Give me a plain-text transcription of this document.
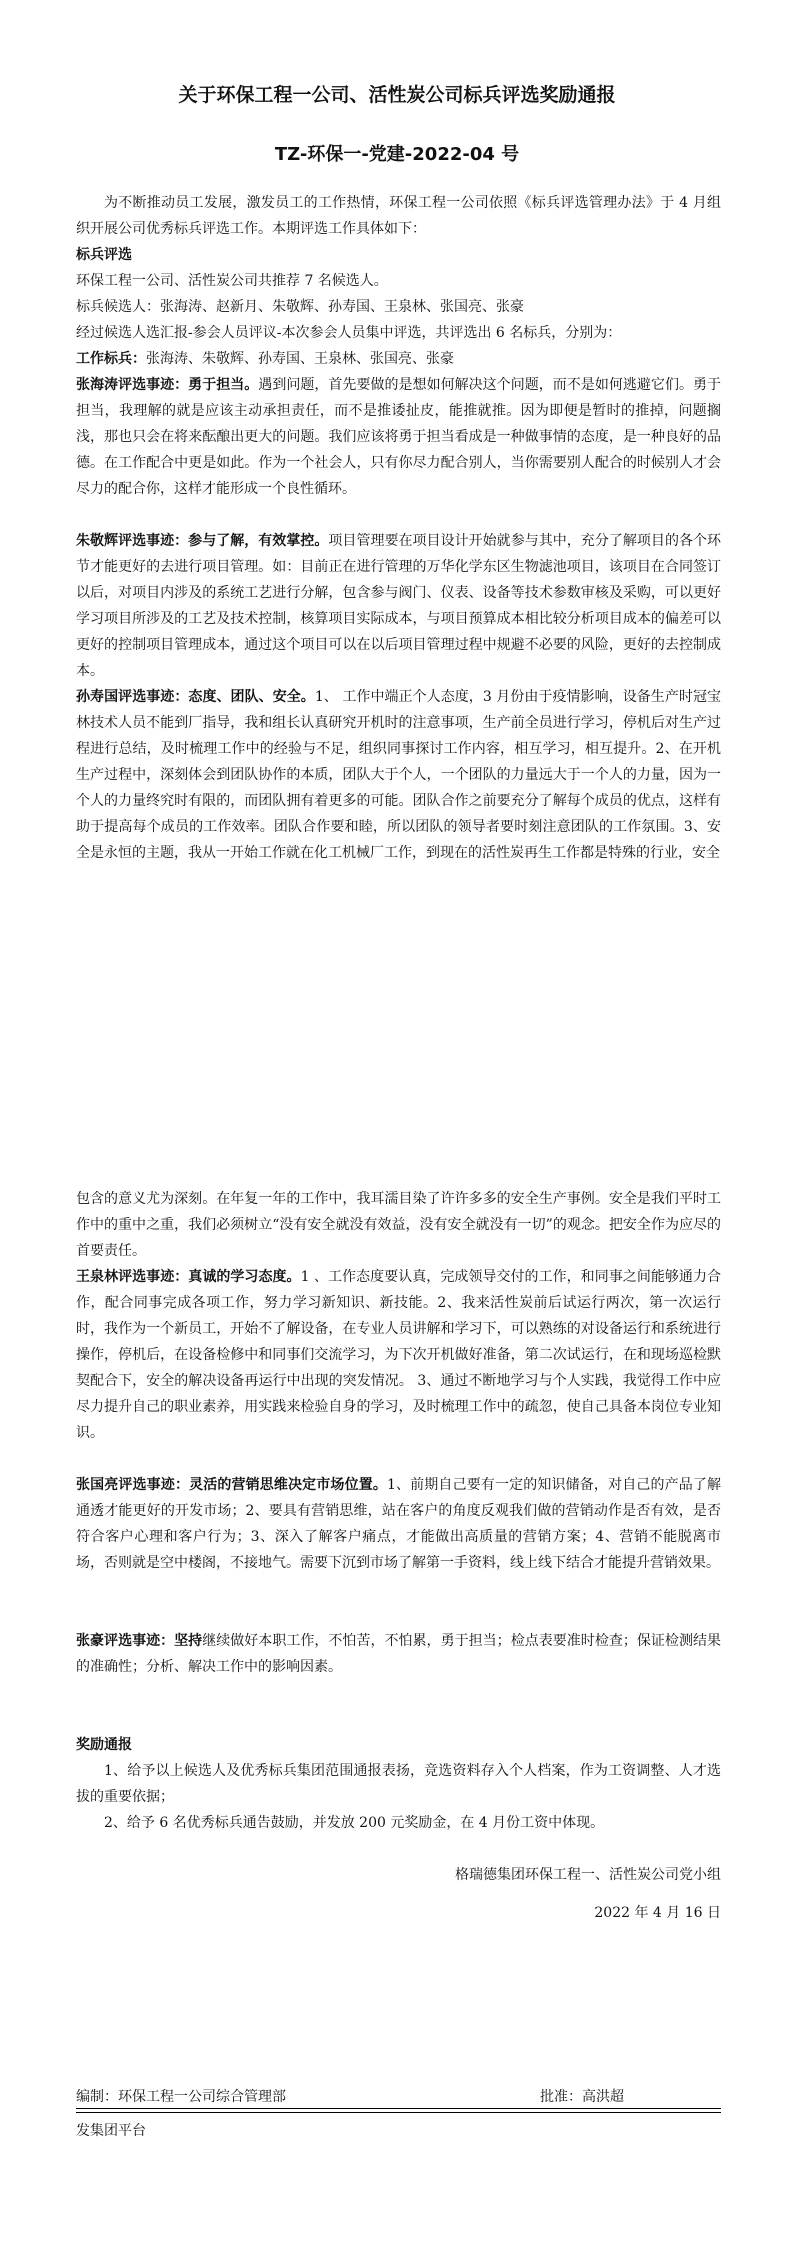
关于环保工程一公司、活性炭公司标兵评选奖励通报
TZ-环保一-党建-2022-04 号

为不断推动员工发展，激发员工的工作热情，环保工程一公司依照《标兵评选管理办法》于 4 月组织开展公司优秀标兵评选工作。本期评选工作具体如下：

标兵评选
环保工程一公司、活性炭公司共推荐 7 名候选人。
标兵候选人：张海涛、赵新月、朱敬辉、孙寿国、王泉林、张国亮、张豪
经过候选人选汇报-参会人员评议-本次参会人员集中评选，共评选出 6 名标兵，分别为：
工作标兵：张海涛、朱敬辉、孙寿国、王泉林、张国亮、张豪

张海涛评选事迹：勇于担当。遇到问题，首先要做的是想如何解决这个问题，而不是如何逃避它们。勇于担当，我理解的就是应该主动承担责任，而不是推诿扯皮，能推就推。因为即便是暂时的推掉，问题搁浅，那也只会在将来酝酿出更大的问题。我们应该将勇于担当看成是一种做事情的态度，是一种良好的品德。在工作配合中更是如此。作为一个社会人，只有你尽力配合别人，当你需要别人配合的时候别人才会尽力的配合你，这样才能形成一个良性循环。

朱敬辉评选事迹：参与了解，有效掌控。项目管理要在项目设计开始就参与其中，充分了解项目的各个环节才能更好的去进行项目管理。如：目前正在进行管理的万华化学东区生物滤池项目，该项目在合同签订以后，对项目内涉及的系统工艺进行分解，包含参与阀门、仪表、设备等技术参数审核及采购，可以更好学习项目所涉及的工艺及技术控制，核算项目实际成本，与项目预算成本相比较分析项目成本的偏差可以更好的控制项目管理成本，通过这个项目可以在以后项目管理过程中规避不必要的风险，更好的去控制成本。

孙寿国评选事迹：态度、团队、安全。1、 工作中端正个人态度，3 月份由于疫情影响，设备生产时冠宝林技术人员不能到厂指导，我和组长认真研究开机时的注意事项，生产前全员进行学习，停机后对生产过程进行总结，及时梳理工作中的经验与不足，组织同事探讨工作内容，相互学习，相互提升。2、在开机生产过程中，深刻体会到团队协作的本质，团队大于个人，一个团队的力量远大于一个人的力量，因为一个人的力量终究时有限的，而团队拥有着更多的可能。团队合作之前要充分了解每个成员的优点，这样有助于提高每个成员的工作效率。团队合作要和睦，所以团队的领导者要时刻注意团队的工作氛围。3、安全是永恒的主题，我从一开始工作就在化工机械厂工作，到现在的活性炭再生工作都是特殊的行业，安全

包含的意义尤为深刻。在年复一年的工作中，我耳濡目染了许许多多的安全生产事例。安全是我们平时工作中的重中之重，我们必须树立“没有安全就没有效益，没有安全就没有一切”的观念。把安全作为应尽的首要责任。

王泉林评选事迹：真诚的学习态度。1 、工作态度要认真，完成领导交付的工作，和同事之间能够通力合作，配合同事完成各项工作，努力学习新知识、新技能。2、我来活性炭前后试运行两次，第一次运行时，我作为一个新员工，开始不了解设备，在专业人员讲解和学习下，可以熟练的对设备运行和系统进行操作，停机后，在设备检修中和同事们交流学习，为下次开机做好准备，第二次试运行，在和现场巡检默契配合下，安全的解决设备再运行中出现的突发情况。 3、通过不断地学习与个人实践，我觉得工作中应尽力提升自己的职业素养，用实践来检验自身的学习，及时梳理工作中的疏忽，使自己具备本岗位专业知识。

张国亮评选事迹：灵活的营销思维决定市场位置。1、前期自己要有一定的知识储备，对自己的产品了解通透才能更好的开发市场；2、要具有营销思维，站在客户的角度反观我们做的营销动作是否有效，是否符合客户心理和客户行为；3、深入了解客户痛点，才能做出高质量的营销方案；4、营销不能脱离市场，否则就是空中楼阁，不接地气。需要下沉到市场了解第一手资料，线上线下结合才能提升营销效果。

张豪评选事迹：坚持继续做好本职工作，不怕苦，不怕累，勇于担当；检点表要准时检查；保证检测结果的准确性；分析、解决工作中的影响因素。

奖励通报

1、给予以上候选人及优秀标兵集团范围通报表扬，竞选资料存入个人档案，作为工资调整、人才选拔的重要依据；

2、给予 6 名优秀标兵通告鼓励，并发放 200 元奖励金，在 4 月份工资中体现。

格瑞德集团环保工程一、活性炭公司党小组
2022 年 4 月 16 日
编制：环保工程一公司综合管理部	批准：高洪超
发集团平台
